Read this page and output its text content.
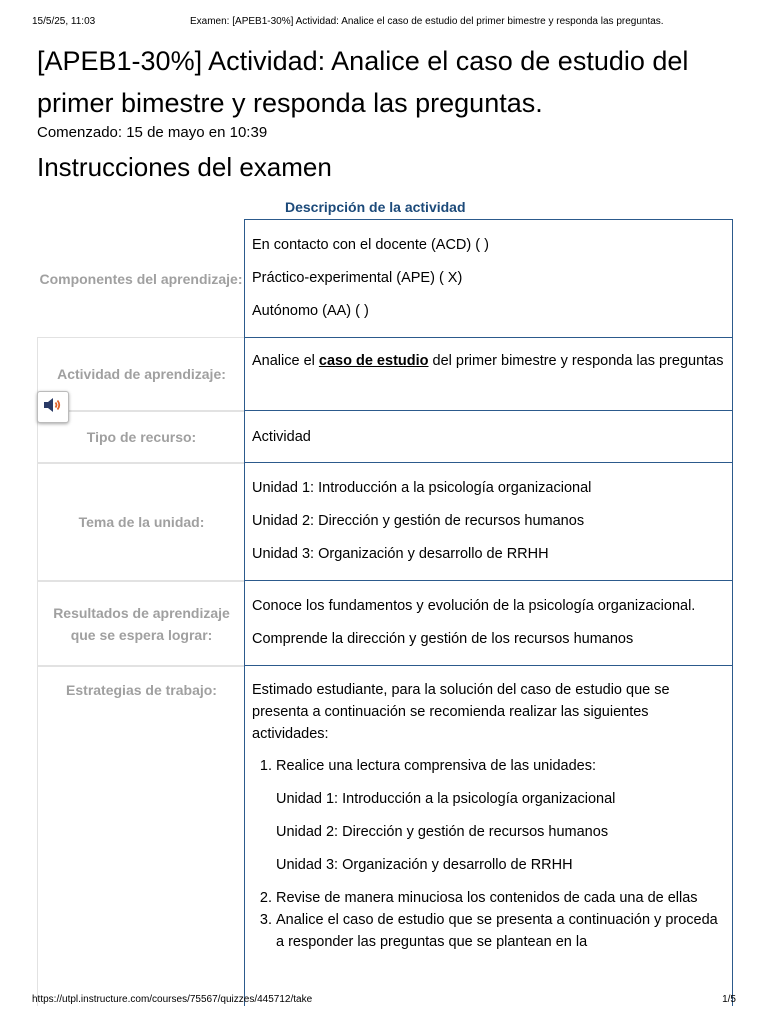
15/5/25, 11:03	Examen: [APEB1-30%] Actividad: Analice el caso de estudio del primer bimestre y responda las preguntas.
[APEB1-30%] Actividad: Analice el caso de estudio del primer bimestre y responda las preguntas.
Comenzado: 15 de mayo en 10:39
Instrucciones del examen
Descripción de la actividad
Componentes del aprendizaje:

En contacto con el docente (ACD) ( )

Práctico-experimental (APE) ( X)

Autónomo (AA) ( )

Actividad de aprendizaje:

Analice el caso de estudio del primer bimestre y responda las preguntas

Tipo de recurso:	Actividad

Tema de la unidad:

Unidad 1: Introducción a la psicología organizacional

Unidad 2: Dirección y gestión de recursos humanos

Unidad 3: Organización y desarrollo de RRHH

Resultados de aprendizaje que se espera lograr:

Conoce los fundamentos y evolución de la psicología organizacional.

Comprende la dirección y gestión de los recursos humanos

Estrategias de trabajo:	Estimado estudiante, para la solución del caso de estudio que se presenta a continuación se recomienda realizar las siguientes actividades:

1. Realice una lectura comprensiva de las unidades:

Unidad 1: Introducción a la psicología organizacional

Unidad 2: Dirección y gestión de recursos humanos

Unidad 3: Organización y desarrollo de RRHH

2. Revise de manera minuciosa los contenidos de cada una de ellas
3. Analice el caso de estudio que se presenta a continuación y proceda a responder las preguntas que se plantean en la
https://utpl.instructure.com/courses/75567/quizzes/445712/take	1/5
